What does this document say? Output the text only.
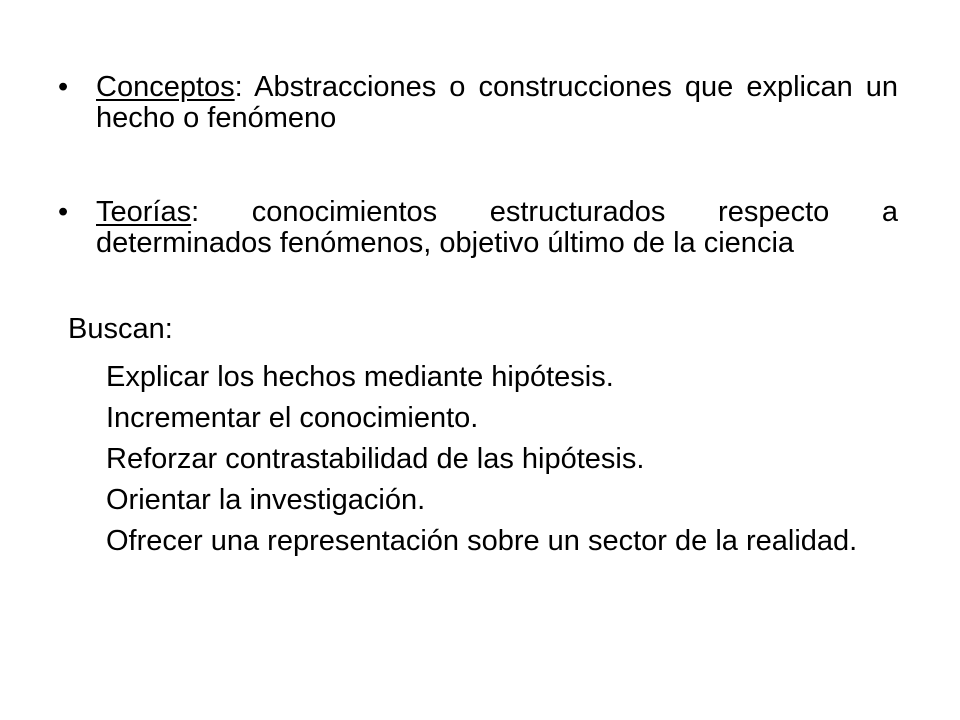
• Conceptos: Abstracciones o construcciones que explican un hecho o fenómeno
• Teorías: conocimientos estructurados respecto a determinados fenómenos, objetivo último de la ciencia
Buscan:
Explicar los hechos mediante hipótesis.
Incrementar el conocimiento.
Reforzar contrastabilidad de las hipótesis.
Orientar la investigación.
Ofrecer una representación sobre un sector de la realidad.
